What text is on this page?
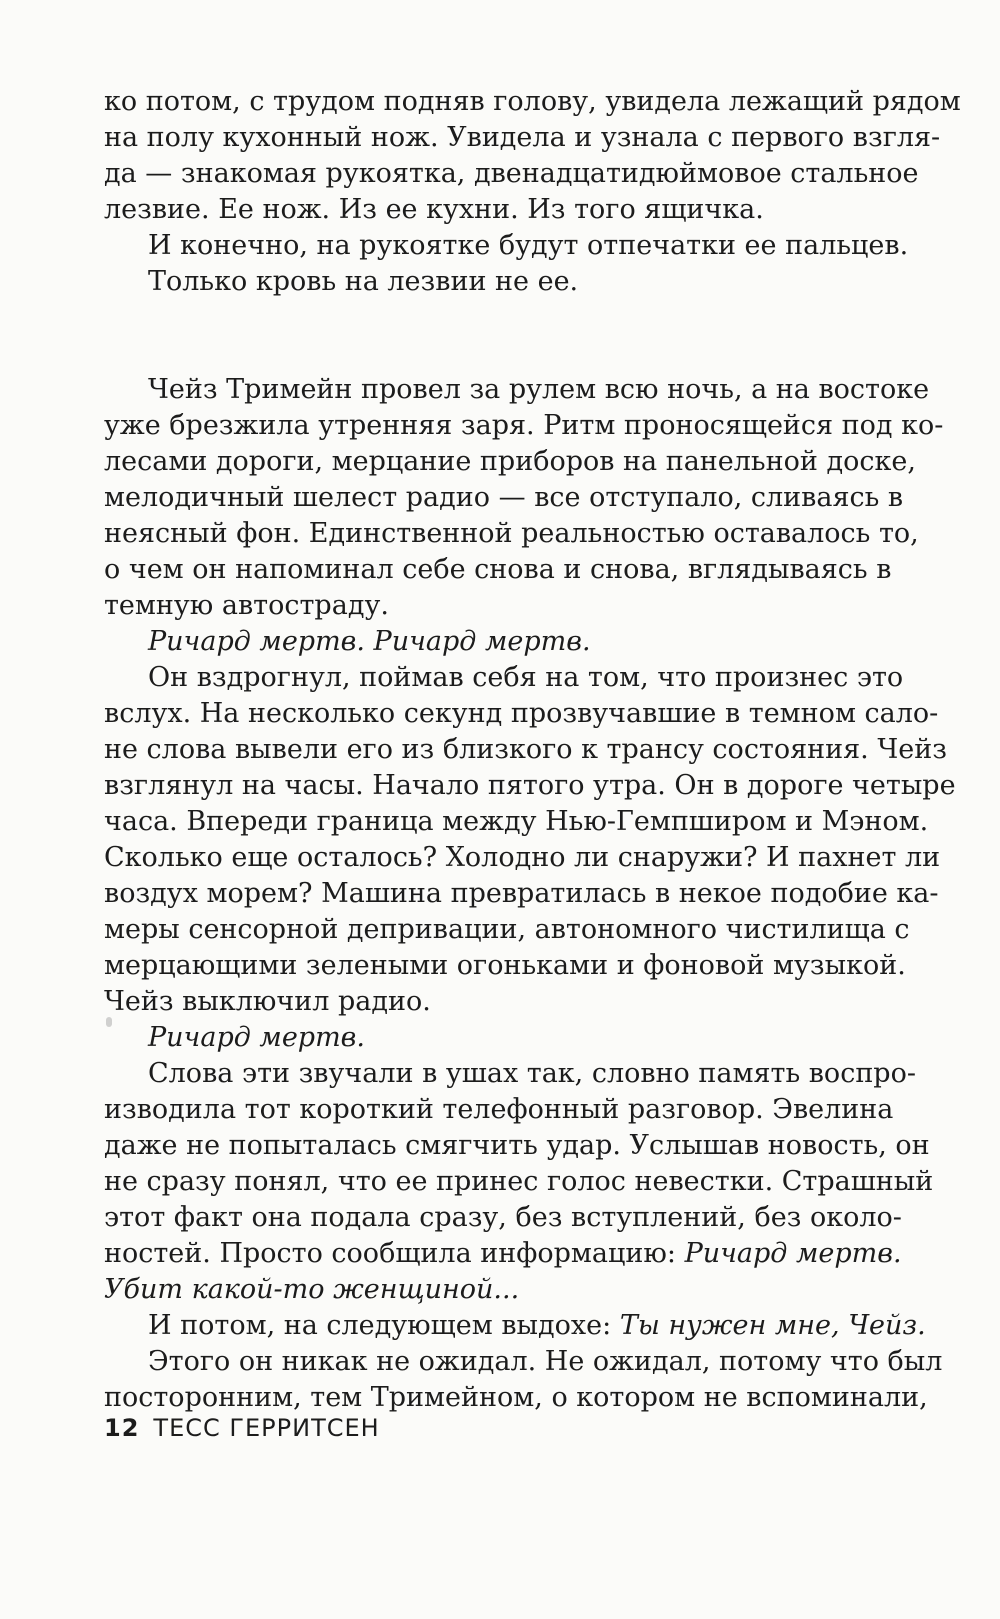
ко потом, с трудом подняв голову, увидела лежащий рядом
на полу кухонный нож. Увидела и узнала с первого взгля-
да — знакомая рукоятка, двенадцатидюймовое стальное
лезвие. Ее нож. Из ее кухни. Из того ящичка.
И конечно, на рукоятке будут отпечатки ее пальцев.
Только кровь на лезвии не ее.
Чейз Тримейн провел за рулем всю ночь, а на востоке
уже брезжила утренняя заря. Ритм проносящейся под ко-
лесами дороги, мерцание приборов на панельной доске,
мелодичный шелест радио — все отступало, сливаясь в
неясный фон. Единственной реальностью оставалось то,
о чем он напоминал себе снова и снова, вглядываясь в
темную автостраду.
Ричард мертв. Ричард мертв.
Он вздрогнул, поймав себя на том, что произнес это
вслух. На несколько секунд прозвучавшие в темном сало-
не слова вывели его из близкого к трансу состояния. Чейз
взглянул на часы. Начало пятого утра. Он в дороге четыре
часа. Впереди граница между Нью-Гемпширом и Мэном.
Сколько еще осталось? Холодно ли снаружи? И пахнет ли
воздух морем? Машина превратилась в некое подобие ка-
меры сенсорной депривации, автономного чистилища с
мерцающими зелеными огоньками и фоновой музыкой.
Чейз выключил радио.
Ричард мертв.
Слова эти звучали в ушах так, словно память воспро-
изводила тот короткий телефонный разговор. Эвелина
даже не попыталась смягчить удар. Услышав новость, он
не сразу понял, что ее принес голос невестки. Страшный
этот факт она подала сразу, без вступлений, без около-
ностей. Просто сообщила информацию: Ричард мертв.
Убит какой-то женщиной...
И потом, на следующем выдохе: Ты нужен мне, Чейз.
Этого он никак не ожидал. Не ожидал, потому что был
посторонним, тем Тримейном, о котором не вспоминали,
12 ТЕСС ГЕРРИТСЕН
